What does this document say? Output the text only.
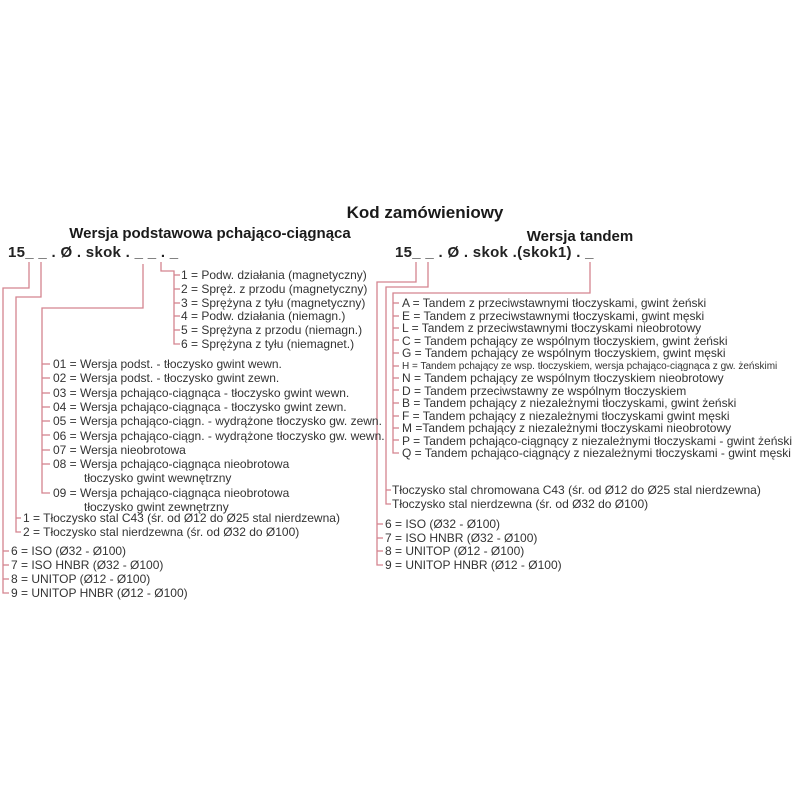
Kod zamówieniowy
Wersja podstawowa pchająco-ciągnąca	Wersja tandem
15_ _ . Ø . skok . _ _ . _	15_ _ . Ø . skok .(skok1) . _
1 = Podw. działania (magnetyczny)
2 = Spręż. z przodu (magnetyczny)
3 = Sprężyna z tyłu (magnetyczny)
4 = Podw. działania (niemagn.)
5 = Sprężyna z przodu (niemagn.)
6 = Sprężyna z tyłu (niemagnet.)
01 = Wersja podst. - tłoczysko gwint wewn.
02 = Wersja podst. - tłoczysko gwint zewn.
03 = Wersja pchająco-ciągnąca - tłoczysko gwint wewn.
04 = Wersja pchająco-ciągnąca - tłoczysko gwint zewn.
05 = Wersja pchająco-ciągn. - wydrążone tłoczysko gw. zewn.
06 = Wersja pchająco-ciągn. - wydrążone tłoczysko gw. wewn.
07 = Wersja nieobrotowa
08 = Wersja pchająco-ciągnąca nieobrotowa
tłoczysko gwint wewnętrzny
09 = Wersja pchająco-ciągnąca nieobrotowa
tłoczysko gwint zewnętrzny
1 = Tłoczysko stal C43 (śr. od Ø12 do Ø25 stal nierdzewna)
2 = Tłoczysko stal nierdzewna (śr. od Ø32 do Ø100)
6 = ISO (Ø32 - Ø100)
7 = ISO HNBR (Ø32 - Ø100)
8 = UNITOP (Ø12 - Ø100)
9 = UNITOP HNBR (Ø12 - Ø100)
A = Tandem z przeciwstawnymi tłoczyskami, gwint żeński
E = Tandem z przeciwstawnymi tłoczyskami, gwint męski
L = Tandem z przeciwstawnymi tłoczyskami nieobrotowy
C = Tandem pchający ze wspólnym tłoczyskiem, gwint żeński
G = Tandem pchający ze wspólnym tłoczyskiem, gwint męski
H = Tandem pchający ze wsp. tłoczyskiem, wersja pchająco-ciągnąca z gw. żeńskimi
N = Tandem pchający ze wspólnym tłoczyskiem nieobrotowy
D = Tandem przeciwstawny ze wspólnym tłoczyskiem
B = Tandem pchający z niezależnymi tłoczyskami, gwint żeński
F = Tandem pchający z niezależnymi tłoczyskami gwint męski
M =Tandem pchający z niezależnymi tłoczyskami nieobrotowy
P = Tandem pchająco-ciągnący z niezależnymi tłoczyskami - gwint żeński
Q = Tandem pchająco-ciągnący z niezależnymi tłoczyskami - gwint męski
Tłoczysko stal chromowana C43 (śr. od Ø12 do Ø25 stal nierdzewna)
Tłoczysko stal nierdzewna (śr. od Ø32 do Ø100)
6 = ISO (Ø32 - Ø100)
7 = ISO HNBR (Ø32 - Ø100)
8 = UNITOP (Ø12 - Ø100)
9 = UNITOP HNBR (Ø12 - Ø100)
